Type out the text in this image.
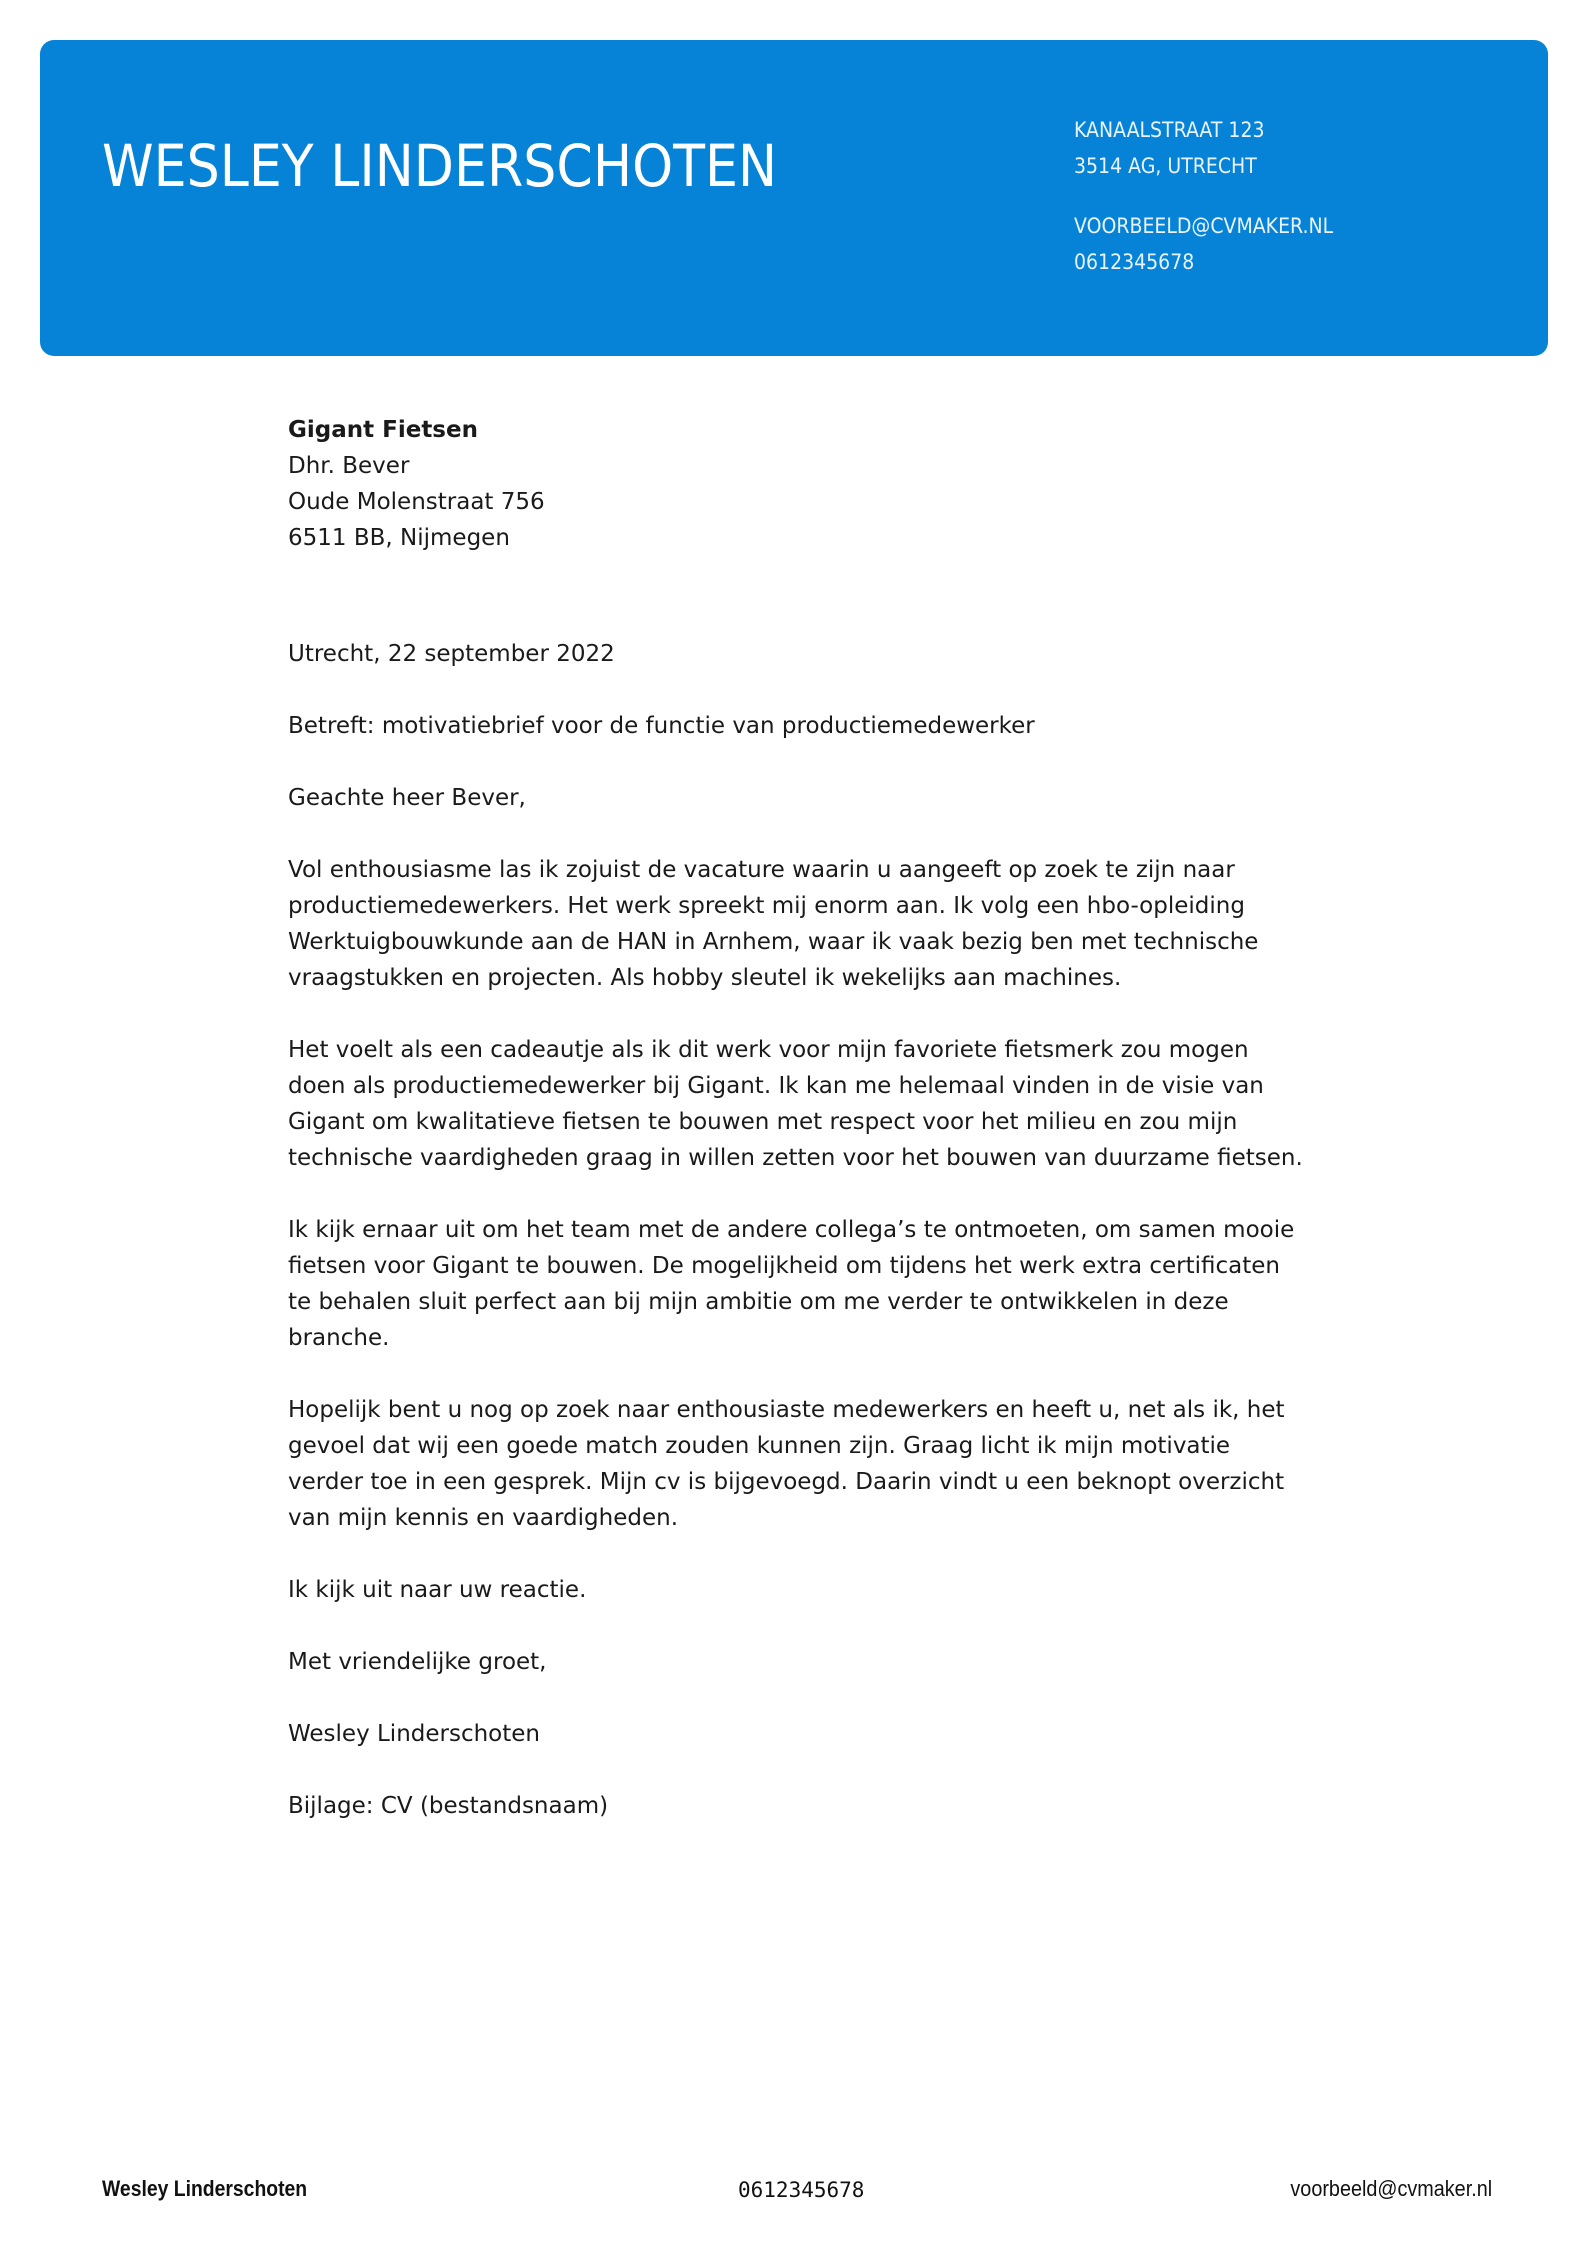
WESLEY LINDERSCHOTEN
KANAALSTRAAT 123
3514 AG, UTRECHT
VOORBEELD@CVMAKER.NL
0612345678
Gigant Fietsen
Dhr. Bever
Oude Molenstraat 756
6511 BB, Nijmegen
Utrecht, 22 september 2022
Betreft: motivatiebrief voor de functie van productiemedewerker
Geachte heer Bever,

Vol enthousiasme las ik zojuist de vacature waarin u aangeeft op zoek te zijn naar productiemedewerkers. Het werk spreekt mij enorm aan. Ik volg een hbo-opleiding Werktuigbouwkunde aan de HAN in Arnhem, waar ik vaak bezig ben met technische vraagstukken en projecten. Als hobby sleutel ik wekelijks aan machines.

Het voelt als een cadeautje als ik dit werk voor mijn favoriete fietsmerk zou mogen doen als productiemedewerker bij Gigant. Ik kan me helemaal vinden in de visie van Gigant om kwalitatieve fietsen te bouwen met respect voor het milieu en zou mijn technische vaardigheden graag in willen zetten voor het bouwen van duurzame fietsen.

Ik kijk ernaar uit om het team met de andere collega’s te ontmoeten, om samen mooie fietsen voor Gigant te bouwen. De mogelijkheid om tijdens het werk extra certificaten te behalen sluit perfect aan bij mijn ambitie om me verder te ontwikkelen in deze branche.

Hopelijk bent u nog op zoek naar enthousiaste medewerkers en heeft u, net als ik, het gevoel dat wij een goede match zouden kunnen zijn. Graag licht ik mijn motivatie verder toe in een gesprek. Mijn cv is bijgevoegd. Daarin vindt u een beknopt overzicht van mijn kennis en vaardigheden.

Ik kijk uit naar uw reactie.
Met vriendelijke groet,
Wesley Linderschoten
Bijlage: CV (bestandsnaam)
Wesley Linderschoten	0612345678	voorbeeld@cvmaker.nl
